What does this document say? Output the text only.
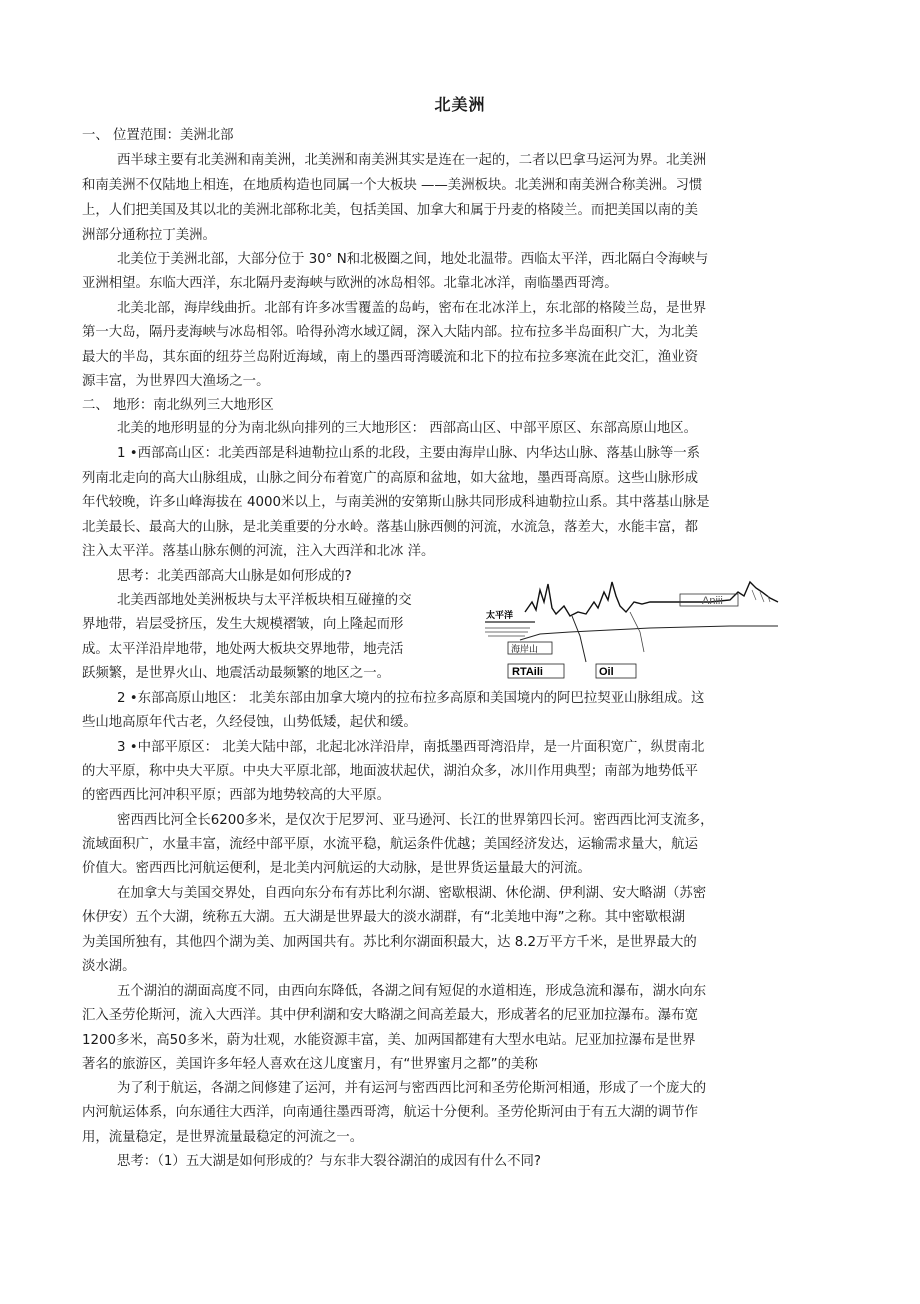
北美洲
一、 位置范围：美洲北部
西半球主要有北美洲和南美洲，北美洲和南美洲其实是连在一起的，二者以巴拿马运河为界。北美洲
和南美洲不仅陆地上相连，在地质构造也同属一个大板块 ——美洲板块。北美洲和南美洲合称美洲。习惯
上，人们把美国及其以北的美洲北部称北美，包括美国、加拿大和属于丹麦的格陵兰。而把美国以南的美
洲部分通称拉丁美洲。
北美位于美洲北部，大部分位于 30° N和北极圈之间，地处北温带。西临太平洋，西北隔白令海峡与
亚洲相望。东临大西洋，东北隔丹麦海峡与欧洲的冰岛相邻。北靠北冰洋，南临墨西哥湾。
北美北部，海岸线曲折。北部有许多冰雪覆盖的岛屿，密布在北冰洋上，东北部的格陵兰岛，是世界
第一大岛，隔丹麦海峡与冰岛相邻。哈得孙湾水域辽阔，深入大陆内部。拉布拉多半岛面积广大，为北美
最大的半岛，其东面的纽芬兰岛附近海域，南上的墨西哥湾暖流和北下的拉布拉多寒流在此交汇，渔业资
源丰富，为世界四大渔场之一。
二、 地形：南北纵列三大地形区
北美的地形明显的分为南北纵向排列的三大地形区： 西部高山区、中部平原区、东部高原山地区。
1 •西部高山区：北美西部是科迪勒拉山系的北段，主要由海岸山脉、内华达山脉、落基山脉等一系
列南北走向的高大山脉组成，山脉之间分布着宽广的高原和盆地，如大盆地，墨西哥高原。这些山脉形成
年代较晚，许多山峰海拔在 4000米以上，与南美洲的安第斯山脉共同形成科迪勒拉山系。其中落基山脉是
北美最长、最高大的山脉，是北美重要的分水岭。落基山脉西侧的河流，水流急，落差大，水能丰富，都
注入太平洋。落基山脉东侧的河流，注入大西洋和北冰 洋。
思考：北美西部高大山脉是如何形成的?
北美西部地处美洲板块与太平洋板块相互碰撞的交
界地带，岩层受挤压，发生大规模褶皱，向上隆起而形
成。太平洋沿岸地带，地处两大板块交界地带，地壳活
跃频繁，是世界火山、地震活动最频繁的地区之一。
2 •东部高原山地区： 北美东部由加拿大境内的拉布拉多高原和美国境内的阿巴拉契亚山脉组成。这
些山地高原年代古老，久经侵蚀，山势低矮，起伏和缓。
3 •中部平原区： 北美大陆中部，北起北冰洋沿岸，南抵墨西哥湾沿岸，是一片面积宽广，纵贯南北
的大平原，称中央大平原。中央大平原北部，地面波状起伏，湖泊众多，冰川作用典型；南部为地势低平
的密西西比河冲积平原；西部为地势较高的大平原。
密西西比河全长6200多米，是仅次于尼罗河、亚马逊河、长江的世界第四长河。密西西比河支流多，
流域面积广，水量丰富，流经中部平原，水流平稳，航运条件优越；美国经济发达，运输需求量大，航运
价值大。密西西比河航运便利，是北美内河航运的大动脉，是世界货运量最大的河流。
在加拿大与美国交界处，自西向东分布有苏比利尔湖、密歇根湖、休伦湖、伊利湖、安大略湖（苏密
休伊安）五个大湖，统称五大湖。五大湖是世界最大的淡水湖群，有“北美地中海”之称。其中密歇根湖
为美国所独有，其他四个湖为美、加两国共有。苏比利尔湖面积最大，达 8.2万平方千米，是世界最大的
淡水湖。
五个湖泊的湖面高度不同，由西向东降低，各湖之间有短促的水道相连，形成急流和瀑布，湖水向东
汇入圣劳伦斯河，流入大西洋。其中伊利湖和安大略湖之间高差最大，形成著名的尼亚加拉瀑布。瀑布宽
1200多米，高50多米，蔚为壮观，水能资源丰富，美、加两国都建有大型水电站。尼亚加拉瀑布是世界
著名的旅游区，美国许多年轻人喜欢在这儿度蜜月，有“世界蜜月之都”的美称
为了利于航运，各湖之间修建了运河，并有运河与密西西比河和圣劳伦斯河相通，形成了一个庞大的
内河航运体系，向东通往大西洋，向南通往墨西哥湾，航运十分便利。圣劳伦斯河由于有五大湖的调节作
用，流量稳定，是世界流量最稳定的河流之一。
思考：（1）五大湖是如何形成的？与东非大裂谷湖泊的成因有什么不同?
太平洋
海岸山
RTAili	Oil
Aniii
